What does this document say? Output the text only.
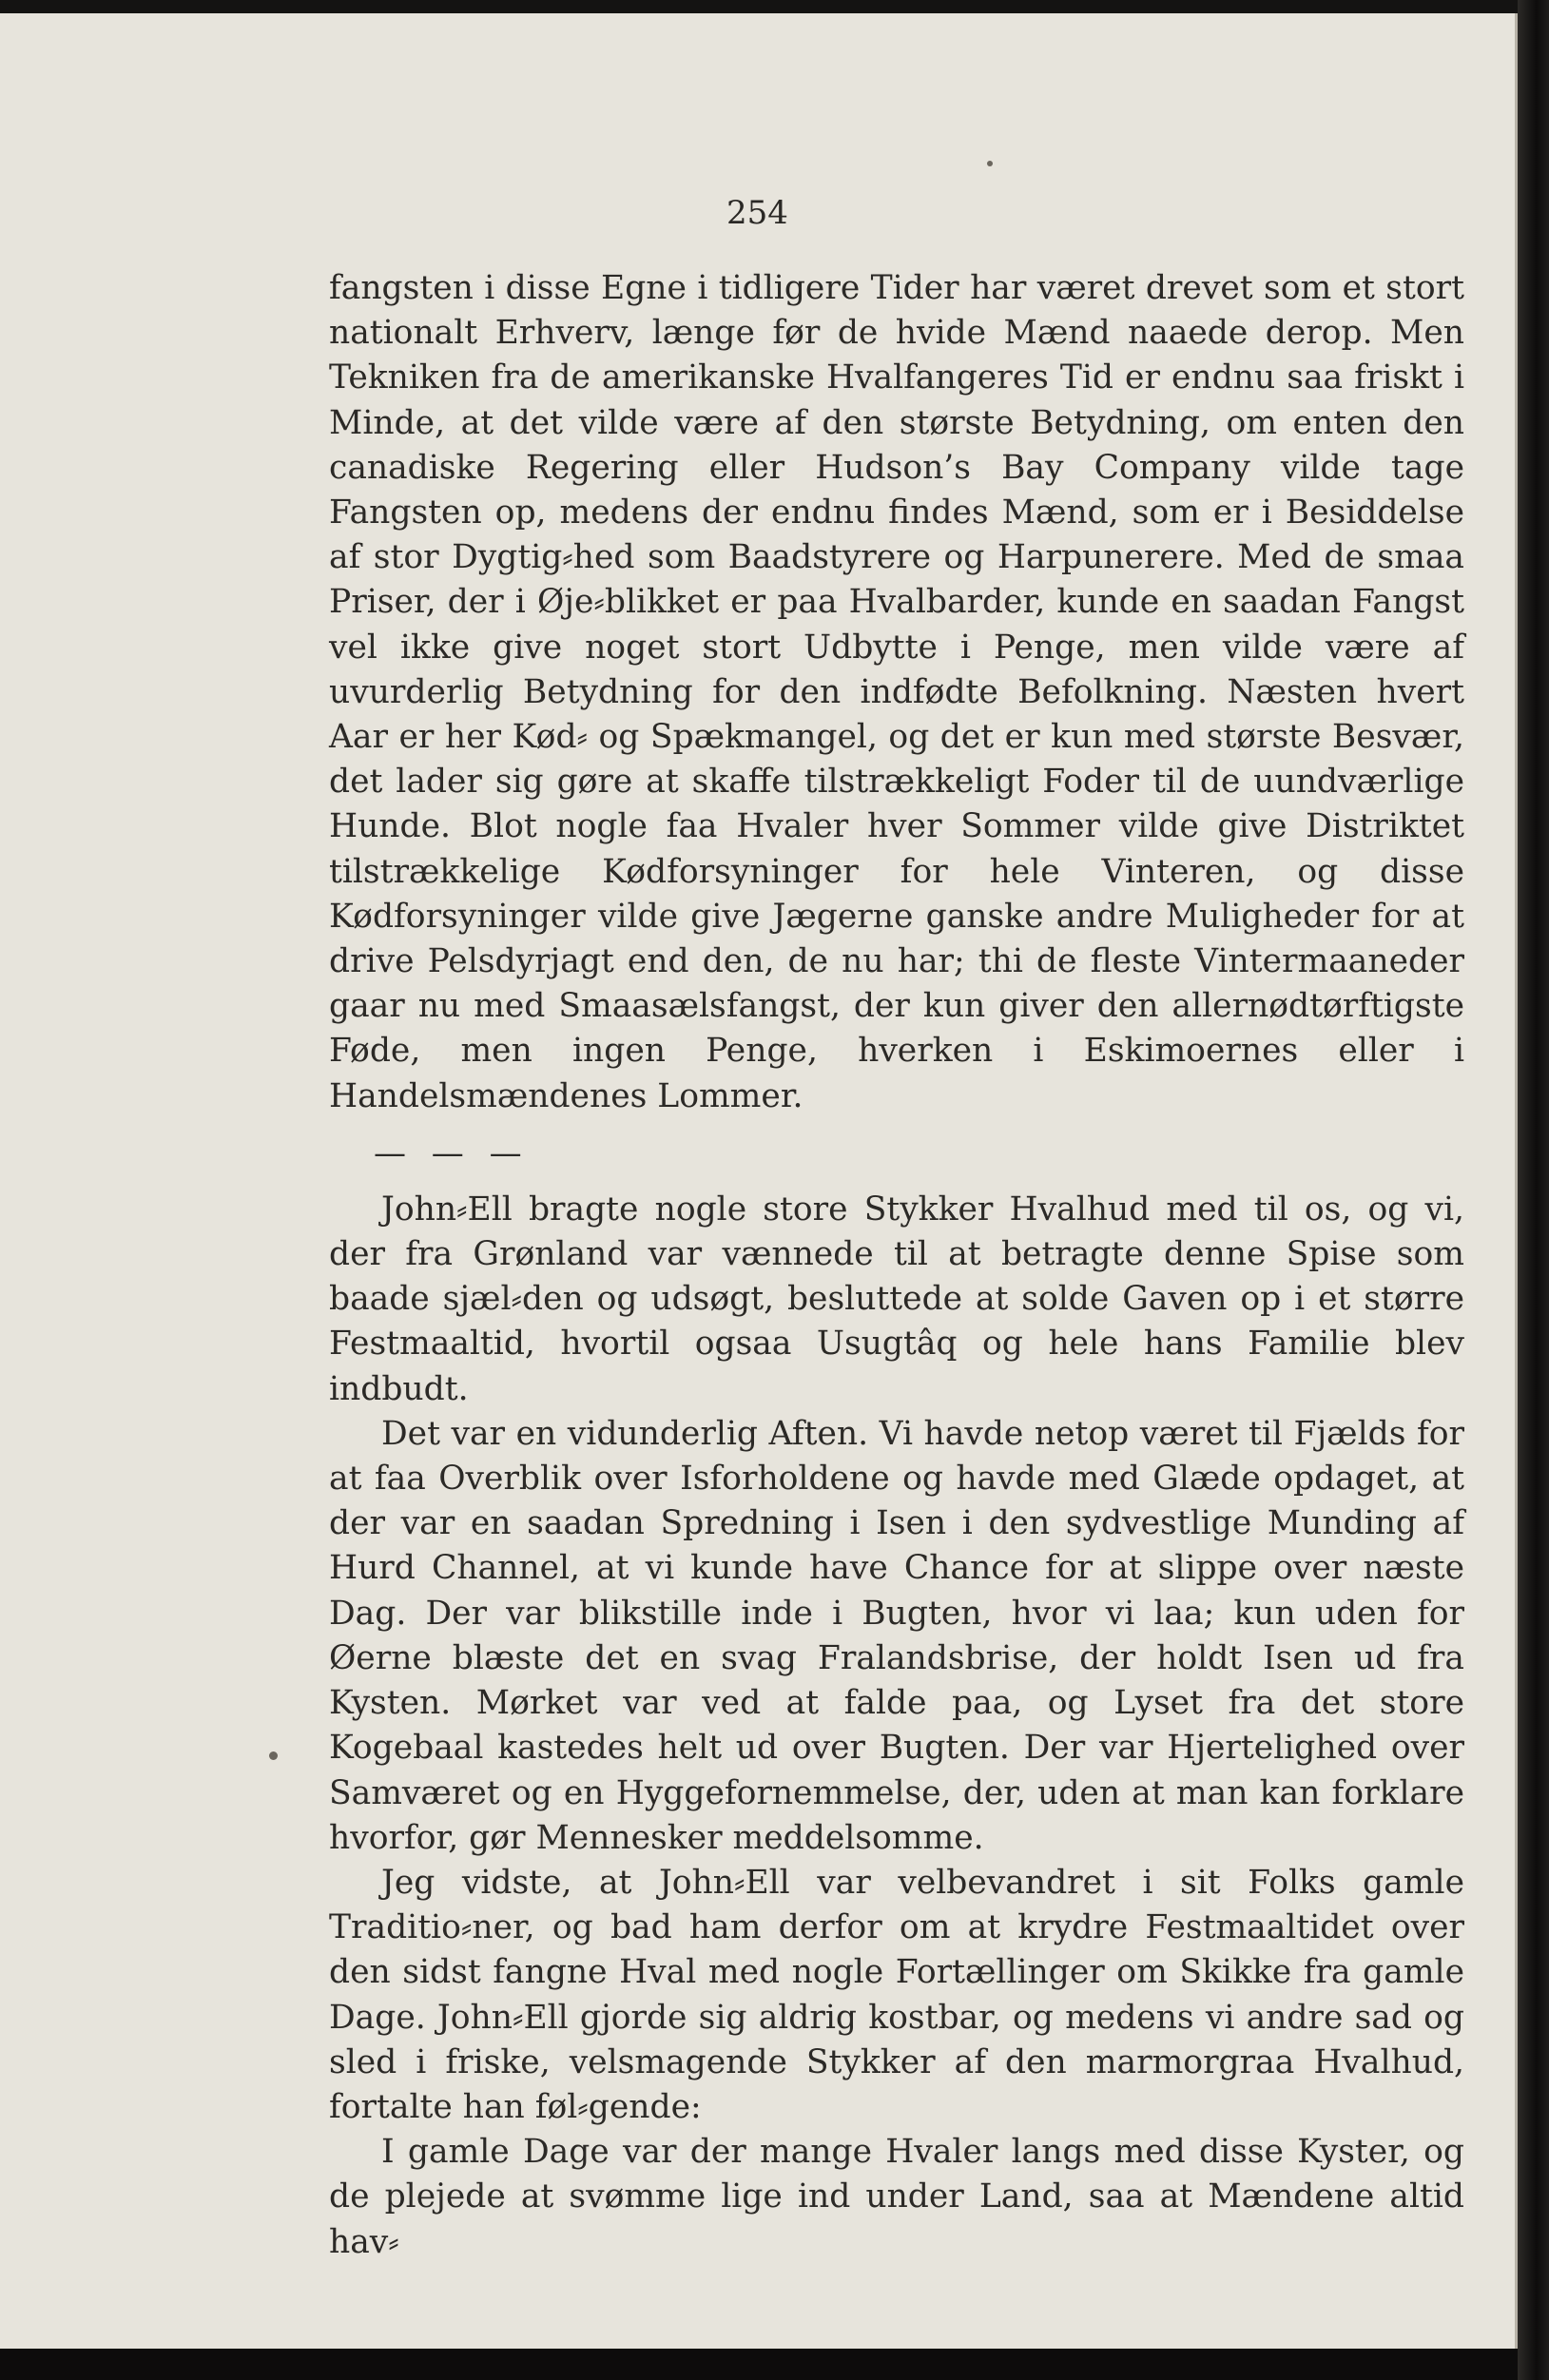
254

fangsten i disse Egne i tidligere Tider har været drevet som et stort nationalt Erhverv, længe før de hvide Mænd naaede derop. Men Tekniken fra de amerikanske Hvalfangeres Tid er endnu saa friskt i Minde, at det vilde være af den største Betydning, om enten den canadiske Regering eller Hudson’s Bay Company vilde tage Fangsten op, medens der endnu findes Mænd, som er i Besiddelse af stor Dygtig⸗hed som Baadstyrere og Harpunerere. Med de smaa Priser, der i Øje⸗blikket er paa Hvalbarder, kunde en saadan Fangst vel ikke give noget stort Udbytte i Penge, men vilde være af uvurderlig Betydning for den indfødte Befolkning. Næsten hvert Aar er her Kød⸗ og Spækmangel, og det er kun med største Besvær, det lader sig gøre at skaffe tilstrækkeligt Foder til de uundværlige Hunde. Blot nogle faa Hvaler hver Sommer vilde give Distriktet tilstrækkelige Kødforsyninger for hele Vinteren, og disse Kødforsyninger vilde give Jægerne ganske andre Muligheder for at drive Pelsdyrjagt end den, de nu har; thi de fleste Vintermaaneder gaar nu med Smaasælsfangst, der kun giver den allernødtørftigste Føde, men ingen Penge, hverken i Eskimoernes eller i Handelsmændenes Lommer.

— — —

John⸗Ell bragte nogle store Stykker Hvalhud med til os, og vi, der fra Grønland var vænnede til at betragte denne Spise som baade sjæl⸗den og udsøgt, besluttede at solde Gaven op i et større Festmaaltid, hvortil ogsaa Usugtâq og hele hans Familie blev indbudt.

Det var en vidunderlig Aften. Vi havde netop været til Fjælds for at faa Overblik over Isforholdene og havde med Glæde opdaget, at der var en saadan Spredning i Isen i den sydvestlige Munding af Hurd Channel, at vi kunde have Chance for at slippe over næste Dag. Der var blikstille inde i Bugten, hvor vi laa; kun uden for Øerne blæste det en svag Fralandsbrise, der holdt Isen ud fra Kysten. Mørket var ved at falde paa, og Lyset fra det store Kogebaal kastedes helt ud over Bugten. Der var Hjertelighed over Samværet og en Hyggefornemmelse, der, uden at man kan forklare hvorfor, gør Mennesker meddelsomme.

Jeg vidste, at John⸗Ell var velbevandret i sit Folks gamle Traditio⸗ner, og bad ham derfor om at krydre Festmaaltidet over den sidst fangne Hval med nogle Fortællinger om Skikke fra gamle Dage. John⸗Ell gjorde sig aldrig kostbar, og medens vi andre sad og sled i friske, velsmagende Stykker af den marmorgraa Hvalhud, fortalte han føl⸗gende:

I gamle Dage var der mange Hvaler langs med disse Kyster, og de plejede at svømme lige ind under Land, saa at Mændene altid hav⸗
